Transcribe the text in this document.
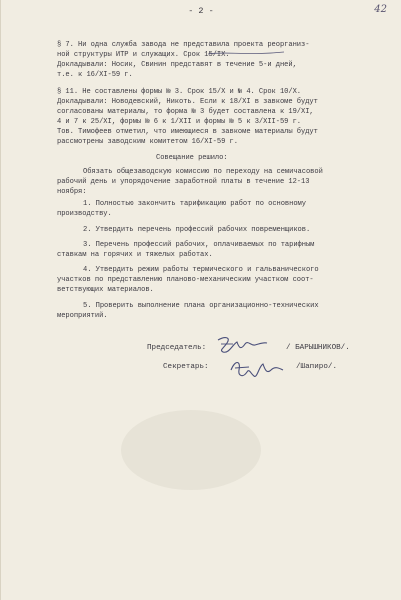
- 2 -	42
§ 7. Ни одна служба завода не представила проекта реорганиз-
ной структуры ИТР и служащих. Срок 15/IX.
Докладывали: Носик, Свинин представят в течение 5-и дней,
т.е. к 16/XI-59 г.
§ 11. Не составлены формы № 3. Срок 15/X и № 4. Срок 10/X.
Докладывали: Новодевский, Никоть. Если к 18/XI в завкоме будут
согласованы материалы, то форма № 3 будет составлена к 19/XI,
4 и 7 к 25/XI, формы № 6 к 1/XII и формы № 5 к 3/XII-59 г.
Тов. Тимофеев отметил, что имеющиеся в завкоме материалы будут
рассмотрены заводским комитетом 16/XI-59 г.
Совещание решило:
Обязать общезаводскую комиссию по переходу на семичасовой
рабочий день и упорядочение заработной платы в течение 12-13
ноября:
1. Полностью закончить тарификацию работ по основному
производству.
2. Утвердить перечень профессий рабочих повременщиков.
3. Перечень профессий рабочих, оплачиваемых по тарифным
ставкам на горячих и тяжелых работах.
4. Утвердить режим работы термического и гальванического
участков по представлению планово-механическим участком соот-
ветствующих материалов.
5. Проверить выполнение плана организационно-технических
мероприятий.
Председатель:	/ БАРЫШНИКОВ/.
Секретарь:	/Шапиро/.
